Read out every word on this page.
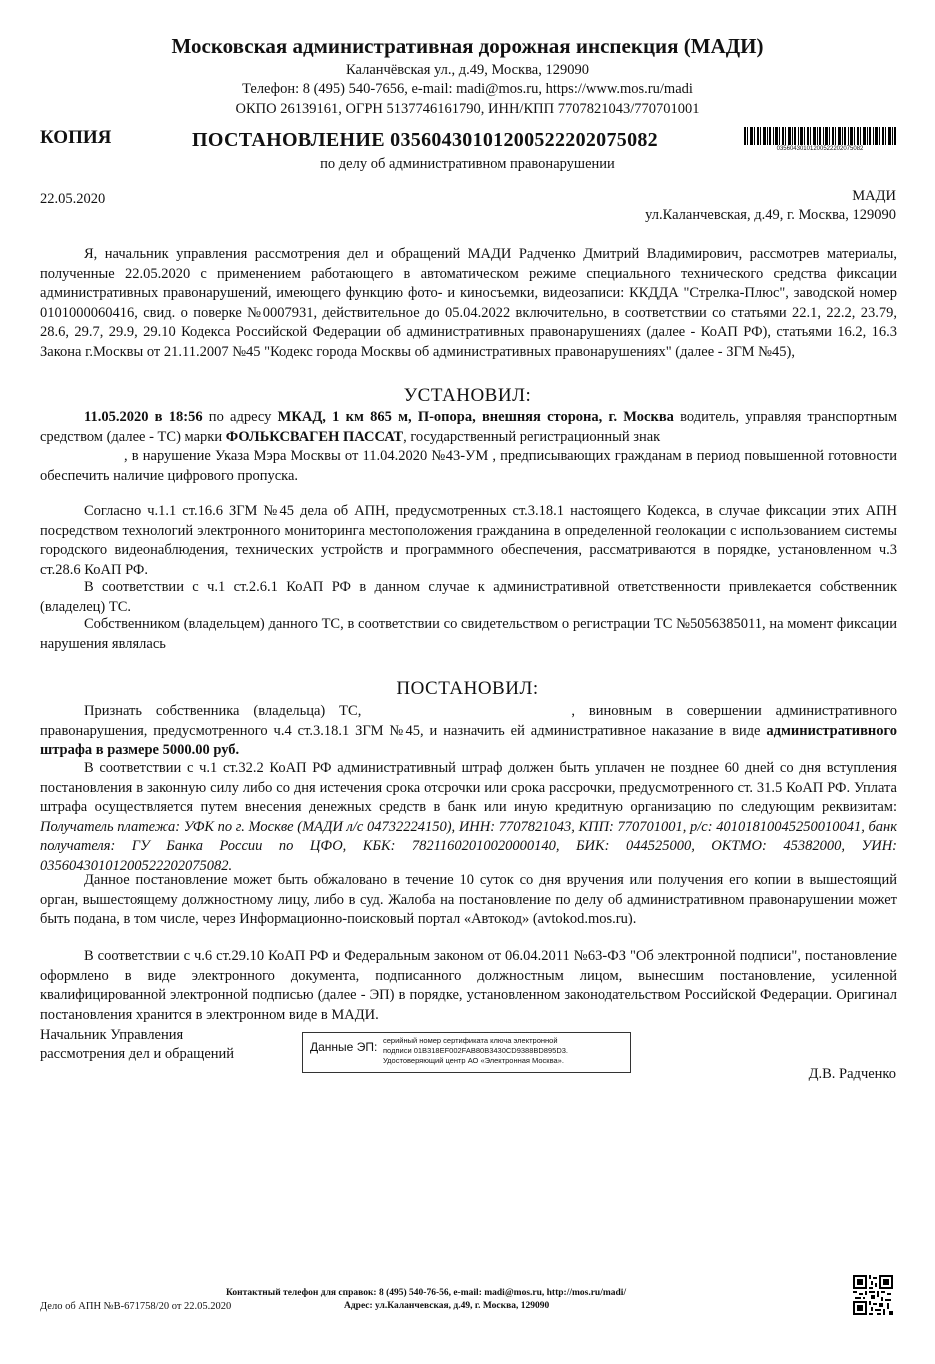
Московская административная дорожная инспекция (МАДИ)
Каланчёвская ул., д.49, Москва, 129090
Телефон: 8 (495) 540-7656, e-mail: madi@mos.ru, https://www.mos.ru/madi
ОКПО 26139161, ОГРН 5137746161790, ИНН/КПП 7707821043/770701001
КОПИЯ	ПОСТАНОВЛЕНИЕ 03560430101200522202075082	03560430101200522202075082
по делу об административном правонарушении
22.05.2020	МАДИ
ул.Каланчевская, д.49, г. Москва, 129090
Я, начальник управления рассмотрения дел и обращений МАДИ Радченко Дмитрий Владимирович, рассмотрев материалы, полученные 22.05.2020 с применением работающего в автоматическом режиме специального технического средства фиксации административных правонарушений, имеющего функцию фото- и киносъемки, видеозаписи: ККДДА "Стрелка-Плюс", заводской номер 0101000060416, свид. о поверке №0007931, действительное до 05.04.2022 включительно, в соответствии со статьями 22.1, 22.2, 23.79, 28.6, 29.7, 29.9, 29.10 Кодекса Российской Федерации об административных правонарушениях (далее - КоАП РФ), статьями 16.2, 16.3 Закона г.Москвы от 21.11.2007 №45 "Кодекс города Москвы об административных правонарушениях" (далее - ЗГМ №45),
УСТАНОВИЛ:
11.05.2020 в 18:56 по адресу МКАД, 1 км 865 м, П-опора, внешняя сторона, г. Москва водитель, управляя транспортным средством (далее - ТС) марки ФОЛЬКСВАГЕН ПАССАТ, государственный регистрационный знак
, в нарушение Указа Мэра Москвы от 11.04.2020 №43-УМ , предписывающих гражданам в период повышенной готовности обеспечить наличие цифрового пропуска.
Согласно ч.1.1 ст.16.6 ЗГМ №45 дела об АПН, предусмотренных ст.3.18.1 настоящего Кодекса, в случае фиксации этих АПН посредством технологий электронного мониторинга местоположения гражданина в определенной геолокации с использованием системы городского видеонаблюдения, технических устройств и программного обеспечения, рассматриваются в порядке, установленном ч.3 ст.28.6 КоАП РФ.
В соответствии с ч.1 ст.2.6.1 КоАП РФ в данном случае к административной ответственности привлекается собственник (владелец) ТС.
Собственником (владельцем) данного ТС, в соответствии со свидетельством о регистрации ТС №5056385011, на момент фиксации нарушения являлась
ПОСТАНОВИЛ:
Признать собственника (владельца) ТС,	, виновным в совершении административного правонарушения, предусмотренного ч.4 ст.3.18.1 ЗГМ №45, и назначить ей административное наказание в виде административного штрафа в размере 5000.00 руб.
В соответствии с ч.1 ст.32.2 КоАП РФ административный штраф должен быть уплачен не позднее 60 дней со дня вступления постановления в законную силу либо со дня истечения срока отсрочки или срока рассрочки, предусмотренного ст. 31.5 КоАП РФ. Уплата штрафа осуществляется путем внесения денежных средств в банк или иную кредитную организацию по следующим реквизитам: Получатель платежа: УФК по г. Москве (МАДИ л/с 04732224150), ИНН: 7707821043, КПП: 770701001, р/с: 40101810045250010041, банк получателя: ГУ Банка России по ЦФО, КБК: 78211602010020000140, БИК: 044525000, ОКТМО: 45382000, УИН: 03560430101200522202075082.
Данное постановление может быть обжаловано в течение 10 суток со дня вручения или получения его копии в вышестоящий орган, вышестоящему должностному лицу, либо в суд. Жалоба на постановление по делу об административном правонарушении может быть подана, в том числе, через Информационно-поисковый портал «Автокод» (avtokod.mos.ru).
В соответствии с ч.6 ст.29.10 КоАП РФ и Федеральным законом от 06.04.2011 №63-ФЗ "Об электронной подписи", постановление оформлено в виде электронного документа, подписанного должностным лицом, вынесшим постановление, усиленной квалифицированной электронной подписью (далее - ЭП) в порядке, установленном законодательством Российской Федерации. Оригинал постановления хранится в электронном виде в МАДИ.
Начальник Управления
рассмотрения дел и обращений	Данные ЭП: серийный номер сертификата ключа электронной
подписи 01B318EF002FAB80B3430CD9388BD895D3.
Удостоверяющий центр АО «Электронная Москва».
Д.В. Радченко
Контактный телефон для справок: 8 (495) 540-76-56, e-mail: madi@mos.ru, http://mos.ru/madi/
Дело об АПН №В-671758/20 от 22.05.2020	Адрес: ул.Каланчевская, д.49, г. Москва, 129090
